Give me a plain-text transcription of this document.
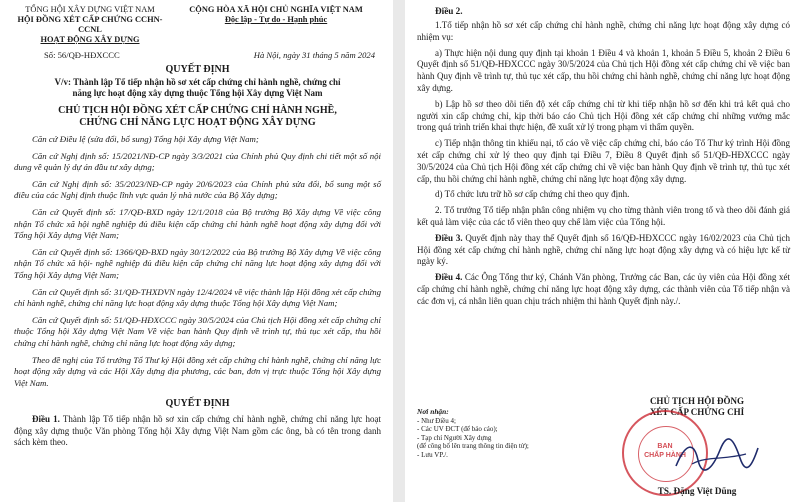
TỔNG HỘI XÂY DỰNG VIỆT NAM
HỘI ĐỒNG XÉT CẤP CHỨNG CCHN-CCNL
HOẠT ĐỘNG XÂY DỰNG
CỘNG HÒA XÃ HỘI CHỦ NGHĨA VIỆT NAM
Độc lập - Tự do - Hạnh phúc
Số: 56/QĐ-HĐXCCC	Hà Nội, ngày 31 tháng 5 năm 2024
QUYẾT ĐỊNH
V/v: Thành lập Tổ tiếp nhận hồ sơ xét cấp chứng chỉ hành nghề, chứng chỉ
năng lực hoạt động xây dựng thuộc Tổng hội Xây dựng Việt Nam
CHỦ TỊCH HỘI ĐỒNG XÉT CẤP CHỨNG CHỈ HÀNH NGHỀ,
CHỨNG CHỈ NĂNG LỰC HOẠT ĐỘNG XÂY DỰNG

Căn cứ Điều lệ (sửa đổi, bổ sung) Tổng hội Xây dựng Việt Nam;

Căn cứ Nghị định số: 15/2021/NĐ-CP ngày 3/3/2021 của Chính phủ Quy định chi tiết một số nội dung về quản lý dự án đầu tư xây dựng;

Căn cứ Nghị định số: 35/2023/NĐ-CP ngày 20/6/2023 của Chính phủ sửa đổi, bổ sung một số điều của các Nghị định thuộc lĩnh vực quản lý nhà nước của Bộ Xây dựng;

Căn cứ Quyết định số: 17/QĐ-BXD ngày 12/1/2018 của Bộ trưởng Bộ Xây dựng Về việc công nhận Tổ chức xã hội nghề nghiệp đủ điều kiện cấp chứng chỉ hành nghề hoạt động xây dựng đối với Tổng hội Xây dựng Việt Nam;

Căn cứ Quyết định số: 1366/QĐ-BXD ngày 30/12/2022 của Bộ trưởng Bộ Xây dựng Về việc công nhận Tổ chức xã hội- nghề nghiệp đủ điều kiện cấp chứng chỉ năng lực hoạt động xây dựng đối với Tổng hội Xây dựng Việt Nam;

Căn cứ Quyết định số: 31/QĐ-THXDVN ngày 12/4/2024 về việc thành lập Hội đồng xét cấp chứng chỉ hành nghề, chứng chỉ năng lực hoạt động xây dựng thuộc Tổng hội Xây dựng Việt Nam;

Căn cứ Quyết định số: 51/QĐ-HĐXCCC ngày 30/5/2024 của Chủ tịch Hội đồng xét cấp chứng chỉ thuộc Tổng hội Xây dựng Việt Nam Về việc ban hành Quy định về trình tự, thủ tục xét cấp, thu hồi chứng chỉ hành nghề, chứng chỉ năng lực hoạt động xây dựng;

Theo đề nghị của Tổ trưởng Tổ Thư ký Hội đồng xét cấp chứng chỉ hành nghề, chứng chỉ năng lực hoạt động xây dựng và các Hội Xây dựng địa phương, các ban, đơn vị trực thuộc Tổng hội Xây dựng Việt Nam.

QUYẾT ĐỊNH

Điều 1. Thành lập Tổ tiếp nhận hồ sơ xin cấp chứng chỉ hành nghề, chứng chỉ năng lực hoạt động xây dựng thuộc Văn phòng Tổng hội Xây dựng Việt Nam gồm các ông, bà có tên trong danh sách kèm theo.

Điều 2.

1.Tổ tiếp nhận hồ sơ xét cấp chứng chỉ hành nghề, chứng chỉ năng lực hoạt động xây dựng có nhiệm vụ:

a) Thực hiện nội dung quy định tại khoản 1 Điều 4 và khoản 1, khoản 5 Điều 5, khoản 2 Điều 6 Quyết định số 51/QĐ-HĐXCCC ngày 30/5/2024 của Chủ tịch Hội đồng xét cấp chứng chỉ về việc ban hành Quy định về trình tự, thủ tục xét cấp, thu hồi chứng chỉ hành nghề, chứng chỉ năng lực hoạt động xây dựng.

b) Lập hồ sơ theo dõi tiến độ xét cấp chứng chỉ từ khi tiếp nhận hồ sơ đến khi trả kết quả cho người xin cấp chứng chỉ, kịp thời báo cáo Chủ tịch Hội đồng xét cấp chứng chỉ những vướng mắc trong quá trình triển khai thực hiện, đề xuất xử lý trong phạm vi thẩm quyền.

c) Tiếp nhận thông tin khiếu nại, tố cáo về việc cấp chứng chỉ, báo cáo Tổ Thư ký trình Hội đồng xét cấp chứng chỉ xử lý theo quy định tại Điều 7, Điều 8 Quyết định số 51/QĐ-HĐXCCC ngày 30/5/2024 của Chủ tịch Hội đồng xét cấp chứng chỉ về việc ban hành Quy định về trình tự, thủ tục xét cấp, thu hồi chứng chỉ hành nghề, chứng chỉ năng lực hoạt động xây dựng.

d) Tổ chức lưu trữ hồ sơ cấp chứng chỉ theo quy định.

2. Tổ trưởng Tổ tiếp nhận phân công nhiệm vụ cho từng thành viên trong tổ và theo dõi đánh giá kết quả làm việc của các tổ viên theo quy chế làm việc của Tổng hội.

Điều 3. Quyết định này thay thế Quyết định số 16/QĐ-HĐXCCC ngày 16/02/2023 của Chủ tịch Hội đồng xét cấp chứng chỉ hành nghề, chứng chỉ năng lực hoạt động xây dựng và có hiệu lực kể từ ngày ký.

Điều 4. Các Ông Tổng thư ký, Chánh Văn phòng, Trưởng các Ban, các ủy viên của Hội đồng xét cấp chứng chỉ hành nghề, chứng chỉ năng lực hoạt động xây dựng, các thành viên của Tổ tiếp nhận và các đơn vị, cá nhân liên quan chịu trách nhiệm thi hành Quyết định này./.

Nơi nhận:
- Như Điều 4;
- Các UV ĐCT (để báo cáo);
- Tạp chí Người Xây dựng
(để công bố lên trang thông tin điện tử);
- Lưu VP./.
CHỦ TỊCH HỘI ĐỒNG
XÉT CẤP CHỨNG CHỈ
BAN
CHẤP HÀNH
TS. Đặng Việt Dũng
